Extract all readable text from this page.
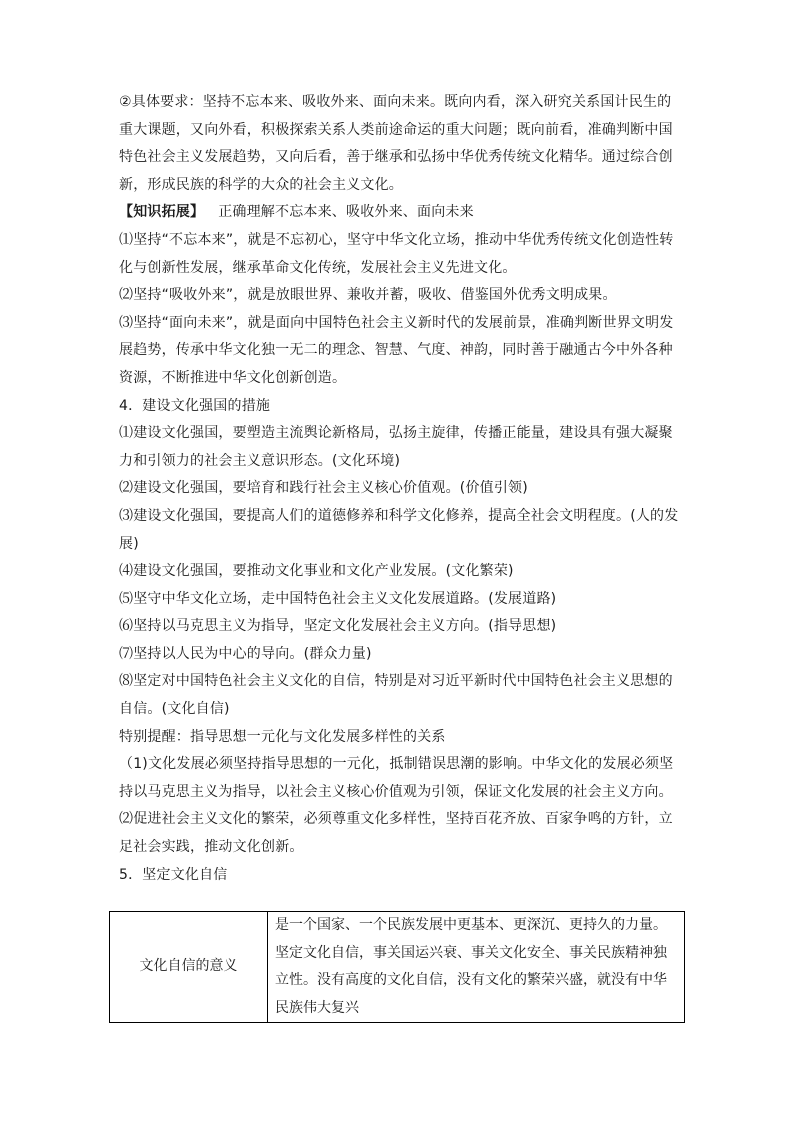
②具体要求：坚持不忘本来、吸收外来、面向未来。既向内看，深入研究关系国计民生的重大课题，又向外看，积极探索关系人类前途命运的重大问题；既向前看，准确判断中国特色社会主义发展趋势，又向后看，善于继承和弘扬中华优秀传统文化精华。通过综合创新，形成民族的科学的大众的社会主义文化。

【知识拓展】 正确理解不忘本来、吸收外来、面向未来

⑴坚持“不忘本来”，就是不忘初心，坚守中华文化立场，推动中华优秀传统文化创造性转化与创新性发展，继承革命文化传统，发展社会主义先进文化。

⑵坚持“吸收外来”，就是放眼世界、兼收并蓄，吸收、借鉴国外优秀文明成果。

⑶坚持“面向未来”，就是面向中国特色社会主义新时代的发展前景，准确判断世界文明发展趋势，传承中华文化独一无二的理念、智慧、气度、神韵，同时善于融通古今中外各种资源，不断推进中华文化创新创造。

4．建设文化强国的措施

⑴建设文化强国，要塑造主流舆论新格局，弘扬主旋律，传播正能量，建设具有强大凝聚力和引领力的社会主义意识形态。(文化环境)

⑵建设文化强国，要培育和践行社会主义核心价值观。(价值引领)

⑶建设文化强国，要提高人们的道德修养和科学文化修养，提高全社会文明程度。(人的发展)

⑷建设文化强国，要推动文化事业和文化产业发展。(文化繁荣)

⑸坚守中华文化立场，走中国特色社会主义文化发展道路。(发展道路)

⑹坚持以马克思主义为指导，坚定文化发展社会主义方向。(指导思想)

⑺坚持以人民为中心的导向。(群众力量)

⑻坚定对中国特色社会主义文化的自信，特别是对习近平新时代中国特色社会主义思想的自信。(文化自信)

特别提醒：指导思想一元化与文化发展多样性的关系

（1)文化发展必须坚持指导思想的一元化，抵制错误思潮的影响。中华文化的发展必须坚持以马克思主义为指导，以社会主义核心价值观为引领，保证文化发展的社会主义方向。

⑵促进社会主义文化的繁荣，必须尊重文化多样性，坚持百花齐放、百家争鸣的方针，立足社会实践，推动文化创新。

5．坚定文化自信

文化自信的意义	是一个国家、一个民族发展中更基本、更深沉、更持久的力量。坚定文化自信，事关国运兴衰、事关文化安全、事关民族精神独立性。没有高度的文化自信，没有文化的繁荣兴盛，就没有中华民族伟大复兴
